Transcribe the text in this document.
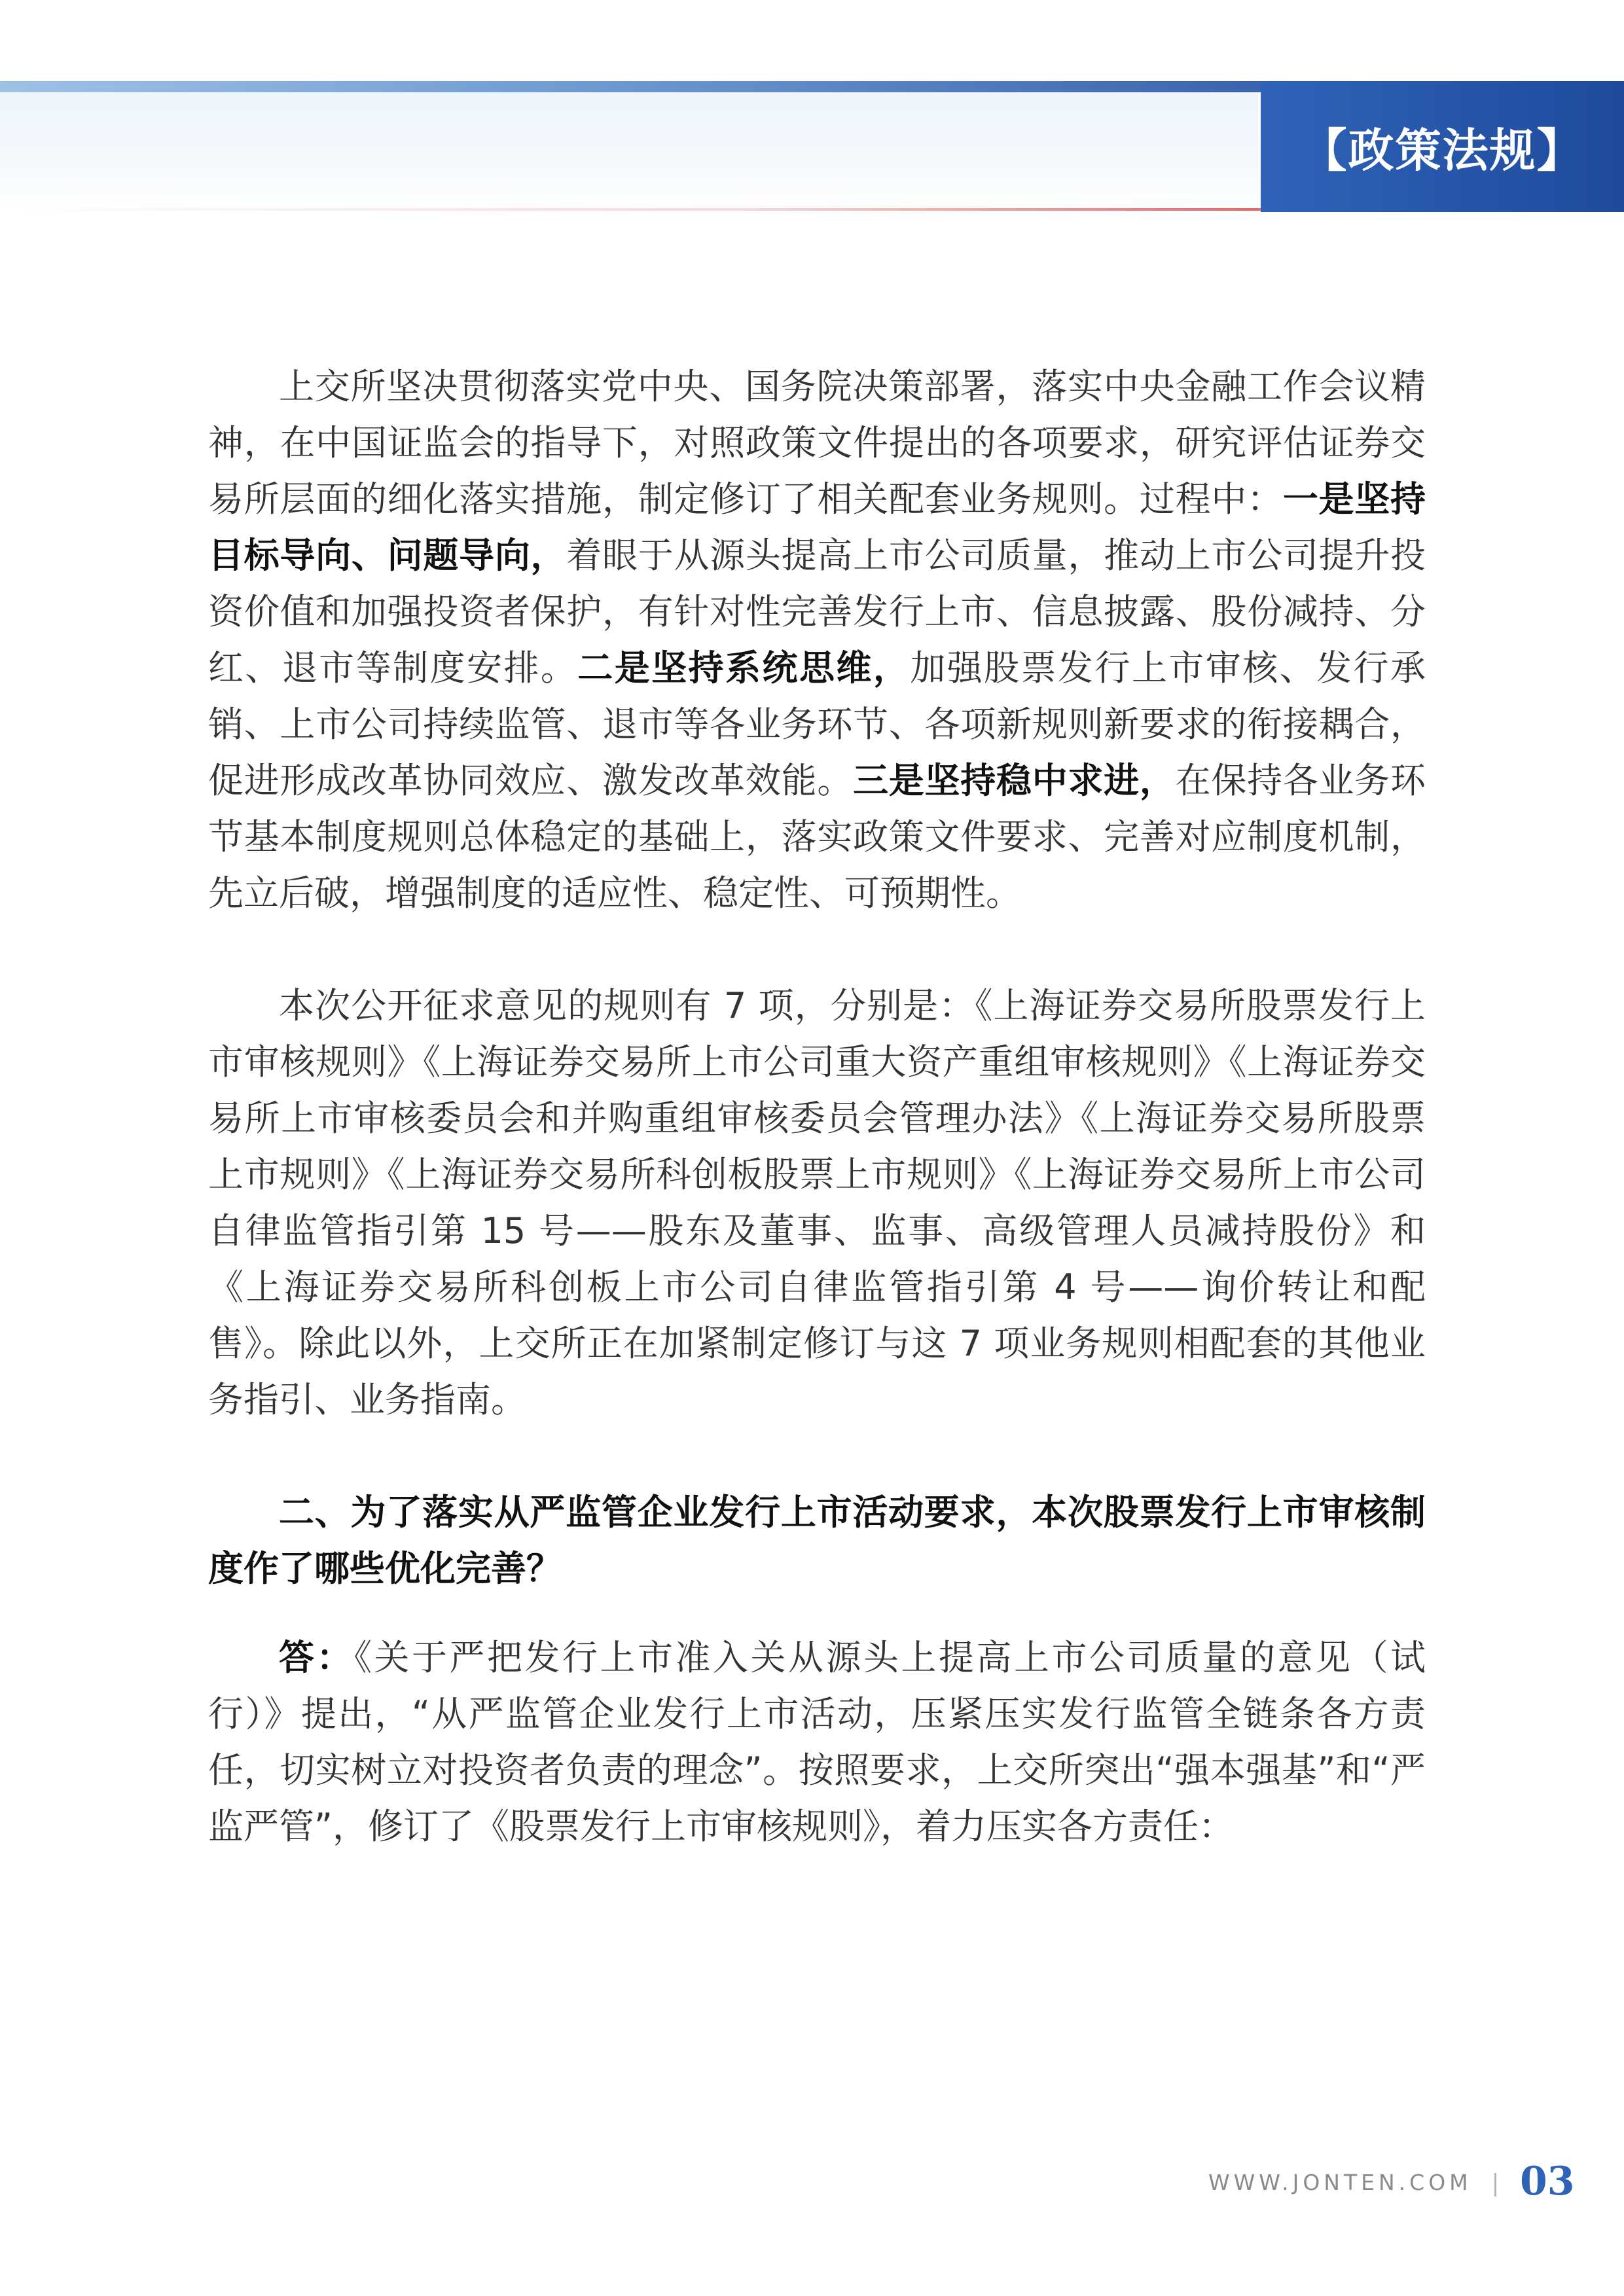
【政策法规】

上交所坚决贯彻落实党中央、国务院决策部署，落实中央金融工作会议精神，在中国证监会的指导下，对照政策文件提出的各项要求，研究评估证券交易所层面的细化落实措施，制定修订了相关配套业务规则。过程中：一是坚持目标导向、问题导向，着眼于从源头提高上市公司质量，推动上市公司提升投资价值和加强投资者保护，有针对性完善发行上市、信息披露、股份减持、分红、退市等制度安排。二是坚持系统思维，加强股票发行上市审核、发行承销、上市公司持续监管、退市等各业务环节、各项新规则新要求的衔接耦合，促进形成改革协同效应、激发改革效能。三是坚持稳中求进，在保持各业务环节基本制度规则总体稳定的基础上，落实政策文件要求、完善对应制度机制，先立后破，增强制度的适应性、稳定性、可预期性。

本次公开征求意见的规则有 7 项，分别是：《上海证券交易所股票发行上市审核规则》《上海证券交易所上市公司重大资产重组审核规则》《上海证券交易所上市审核委员会和并购重组审核委员会管理办法》《上海证券交易所股票上市规则》《上海证券交易所科创板股票上市规则》《上海证券交易所上市公司自律监管指引第 15 号——股东及董事、监事、高级管理人员减持股份》和《上海证券交易所科创板上市公司自律监管指引第 4 号——询价转让和配售》。除此以外，上交所正在加紧制定修订与这 7 项业务规则相配套的其他业务指引、业务指南。

二、为了落实从严监管企业发行上市活动要求，本次股票发行上市审核制度作了哪些优化完善？

答：《关于严把发行上市准入关从源头上提高上市公司质量的意见（试行）》提出，“从严监管企业发行上市活动，压紧压实发行监管全链条各方责任，切实树立对投资者负责的理念”。按照要求，上交所突出“强本强基”和“严监严管”，修订了《股票发行上市审核规则》，着力压实各方责任：

WWW.JONTEN.COM 03
